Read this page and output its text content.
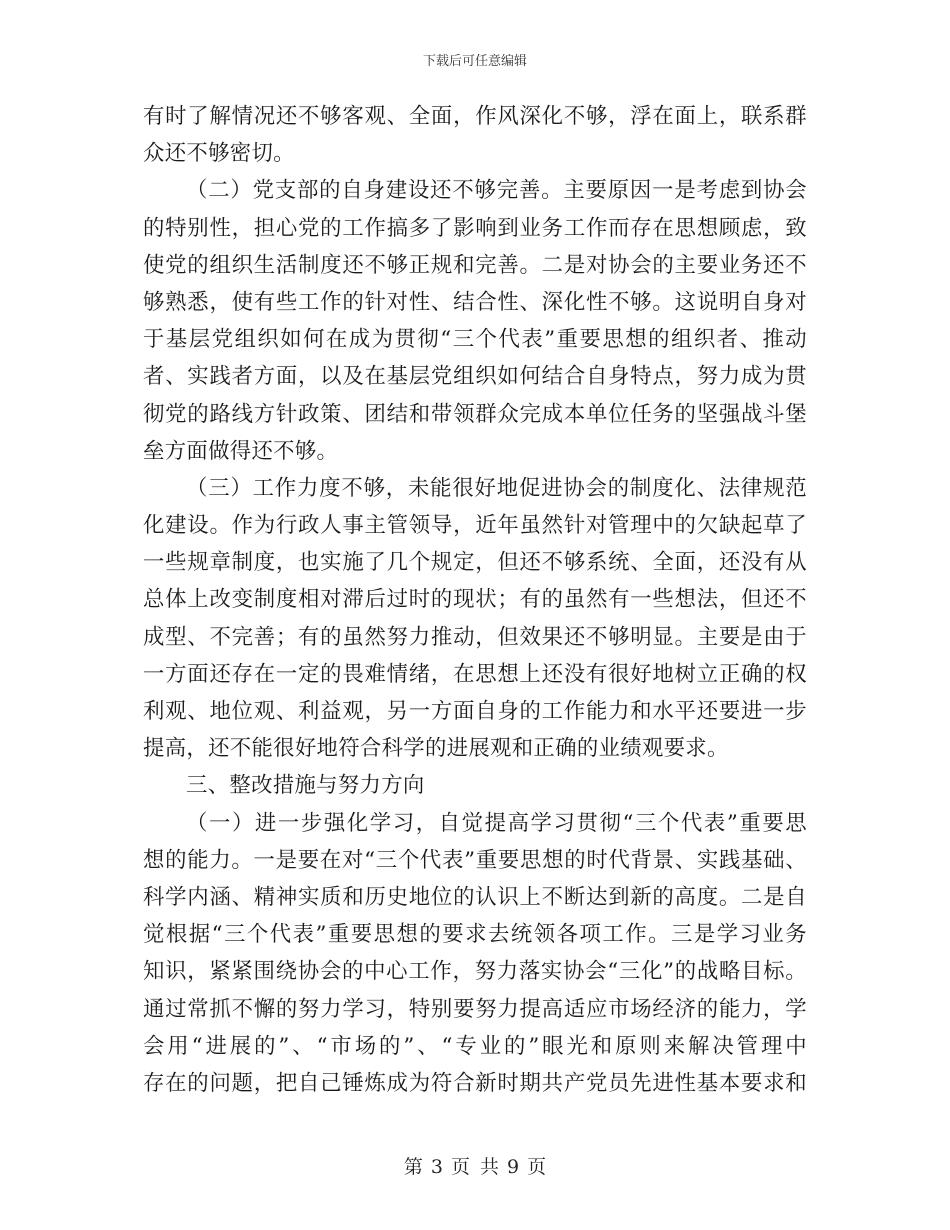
下载后可任意编辑
有时了解情况还不够客观、全面，作风深化不够，浮在面上，联系群
众还不够密切。
（二）党支部的自身建设还不够完善。主要原因一是考虑到协会
的特别性，担心党的工作搞多了影响到业务工作而存在思想顾虑，致
使党的组织生活制度还不够正规和完善。二是对协会的主要业务还不
够熟悉，使有些工作的针对性、结合性、深化性不够。这说明自身对
于基层党组织如何在成为贯彻“三个代表”重要思想的组织者、推动
者、实践者方面，以及在基层党组织如何结合自身特点，努力成为贯
彻党的路线方针政策、团结和带领群众完成本单位任务的坚强战斗堡
垒方面做得还不够。
（三）工作力度不够，未能很好地促进协会的制度化、法律规范
化建设。作为行政人事主管领导，近年虽然针对管理中的欠缺起草了
一些规章制度，也实施了几个规定，但还不够系统、全面，还没有从
总体上改变制度相对滞后过时的现状；有的虽然有一些想法，但还不
成型、不完善；有的虽然努力推动，但效果还不够明显。主要是由于
一方面还存在一定的畏难情绪，在思想上还没有很好地树立正确的权
利观、地位观、利益观，另一方面自身的工作能力和水平还要进一步
提高，还不能很好地符合科学的进展观和正确的业绩观要求。
三、整改措施与努力方向
（一）进一步强化学习，自觉提高学习贯彻“三个代表”重要思
想的能力。一是要在对“三个代表”重要思想的时代背景、实践基础、
科学内涵、精神实质和历史地位的认识上不断达到新的高度。二是自
觉根据“三个代表”重要思想的要求去统领各项工作。三是学习业务
知识，紧紧围绕协会的中心工作，努力落实协会“三化”的战略目标。
通过常抓不懈的努力学习，特别要努力提高适应市场经济的能力，学
会用“进展的”、“市场的”、“专业的”眼光和原则来解决管理中
存在的问题，把自己锤炼成为符合新时期共产党员先进性基本要求和
第 3 页 共 9 页
